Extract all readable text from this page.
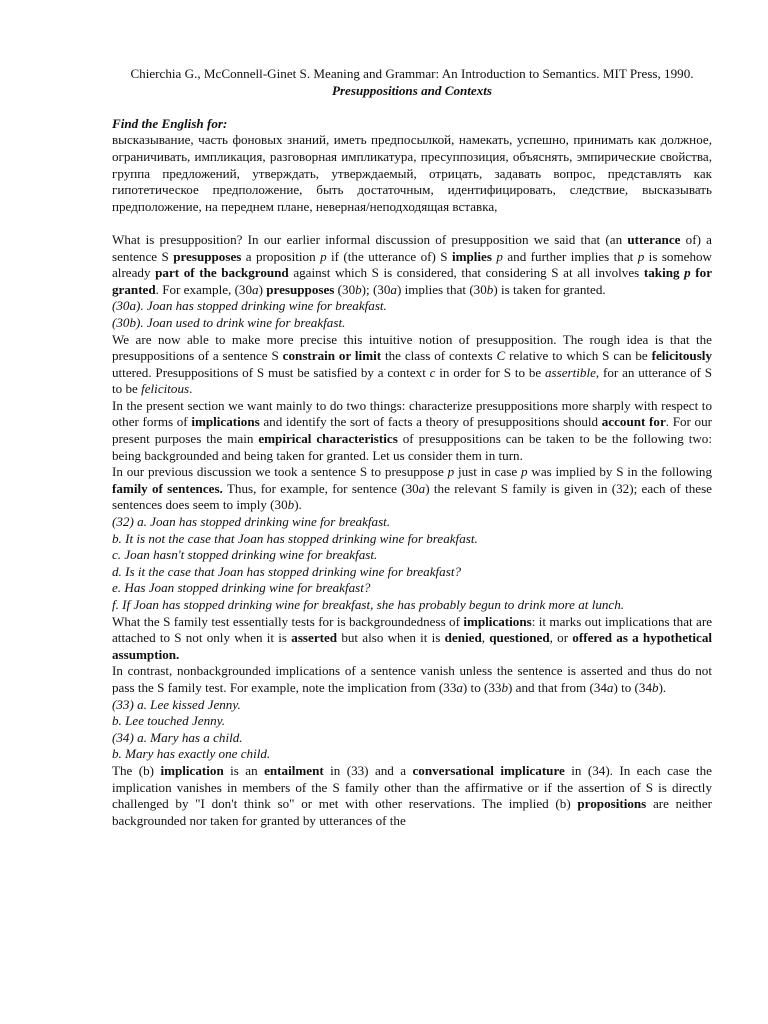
Chierchia G., McConnell-Ginet S. Meaning and Grammar: An Introduction to Semantics. MIT Press, 1990.

Presuppositions and Contexts

Find the English for:

высказывание, часть фоновых знаний, иметь предпосылкой, намекать, успешно, принимать как должное, ограничивать, импликация, разговорная импликатура, пресуппозиция, объяснять, эмпирические свойства, группа предложений, утверждать, утверждаемый, отрицать, задавать вопрос, представлять как гипотетическое предположение, быть достаточным, идентифицировать, следствие, высказывать предположение, на переднем плане, неверная/неподходящая вставка,

What is presupposition? In our earlier informal discussion of presupposition we said that (an utterance of) a sentence S presupposes a proposition p if (the utterance of) S implies p and further implies that p is somehow already part of the background against which S is considered, that considering S at all involves taking p for granted. For example, (30a) presupposes (30b); (30a) implies that (30b) is taken for granted.

(30a). Joan has stopped drinking wine for breakfast.

(30b). Joan used to drink wine for breakfast.

We are now able to make more precise this intuitive notion of presupposition. The rough idea is that the presuppositions of a sentence S constrain or limit the class of contexts C relative to which S can be felicitously uttered. Presuppositions of S must be satisfied by a context c in order for S to be assertible, for an utterance of S to be felicitous.

In the present section we want mainly to do two things: characterize presuppositions more sharply with respect to other forms of implications and identify the sort of facts a theory of presuppositions should account for. For our present purposes the main empirical characteristics of presuppositions can be taken to be the following two: being backgrounded and being taken for granted. Let us consider them in turn.

In our previous discussion we took a sentence S to presuppose p just in case p was implied by S in the following family of sentences. Thus, for example, for sentence (30a) the relevant S family is given in (32); each of these sentences does seem to imply (30b).

(32) a. Joan has stopped drinking wine for breakfast.

b. It is not the case that Joan has stopped drinking wine for breakfast.

c. Joan hasn't stopped drinking wine for breakfast.

d. Is it the case that Joan has stopped drinking wine for breakfast?

e. Has Joan stopped drinking wine for breakfast?

f. If Joan has stopped drinking wine for breakfast, she has probably begun to drink more at lunch.

What the S family test essentially tests for is backgroundedness of implications: it marks out implications that are attached to S not only when it is asserted but also when it is denied, questioned, or offered as a hypothetical assumption.

In contrast, nonbackgrounded implications of a sentence vanish unless the sentence is asserted and thus do not pass the S family test. For example, note the implication from (33a) to (33b) and that from (34a) to (34b).

(33) a. Lee kissed Jenny.

b. Lee touched Jenny.

(34) a. Mary has a child.

b. Mary has exactly one child.

The (b) implication is an entailment in (33) and a conversational implicature in (34). In each case the implication vanishes in members of the S family other than the affirmative or if the assertion of S is directly challenged by "I don't think so" or met with other reservations. The implied (b) propositions are neither backgrounded nor taken for granted by utterances of the
